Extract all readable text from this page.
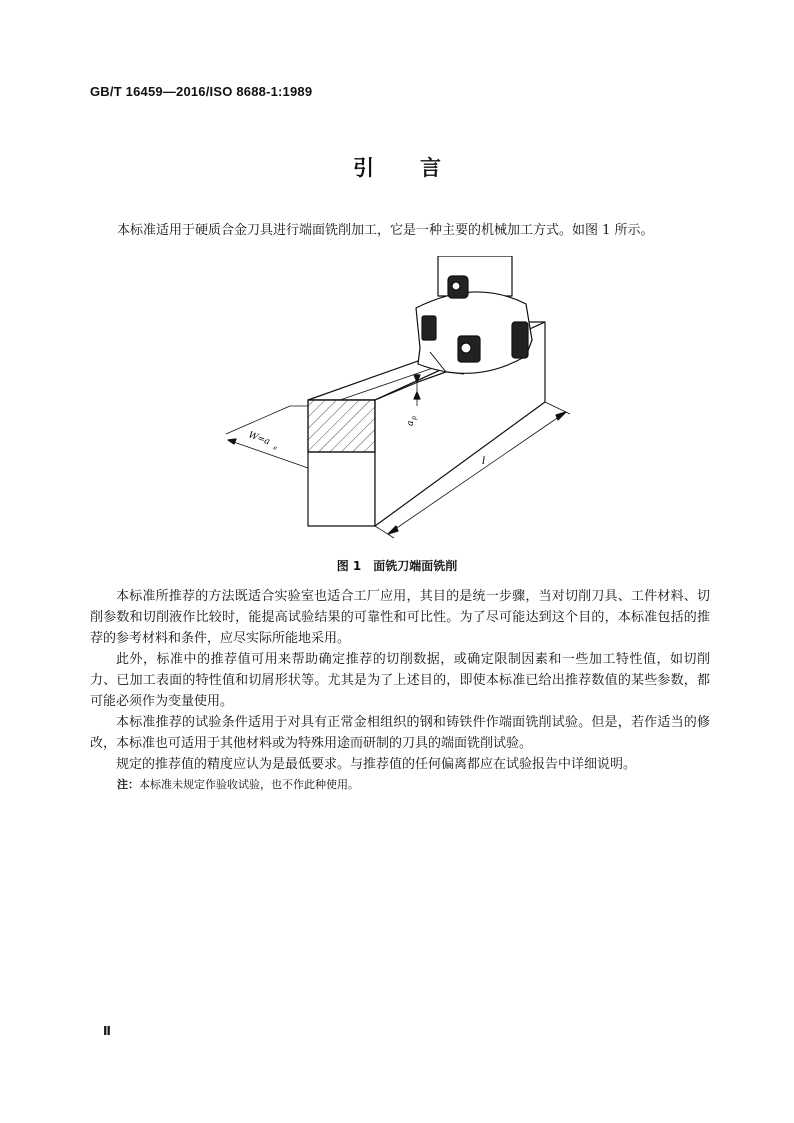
GB/T 16459—2016/ISO 8688-1:1989
引言
本标准适用于硬质合金刀具进行端面铣削加工，它是一种主要的机械加工方式。如图 1 所示。
W=a
e
a
p
l
图 1　面铣刀端面铣削

本标准所推荐的方法既适合实验室也适合工厂应用，其目的是统一步骤，当对切削刀具、工件材料、切削参数和切削液作比较时，能提高试验结果的可靠性和可比性。为了尽可能达到这个目的，本标准包括的推荐的参考材料和条件，应尽实际所能地采用。

此外，标准中的推荐值可用来帮助确定推荐的切削数据，或确定限制因素和一些加工特性值，如切削力、已加工表面的特性值和切屑形状等。尤其是为了上述目的，即使本标准已给出推荐数值的某些参数，都可能必须作为变量使用。

本标准推荐的试验条件适用于对具有正常金相组织的钢和铸铁件作端面铣削试验。但是，若作适当的修改，本标准也可适用于其他材料或为特殊用途而研制的刀具的端面铣削试验。

规定的推荐值的精度应认为是最低要求。与推荐值的任何偏离都应在试验报告中详细说明。

注：本标准未规定作验收试验，也不作此种使用。
Ⅱ
